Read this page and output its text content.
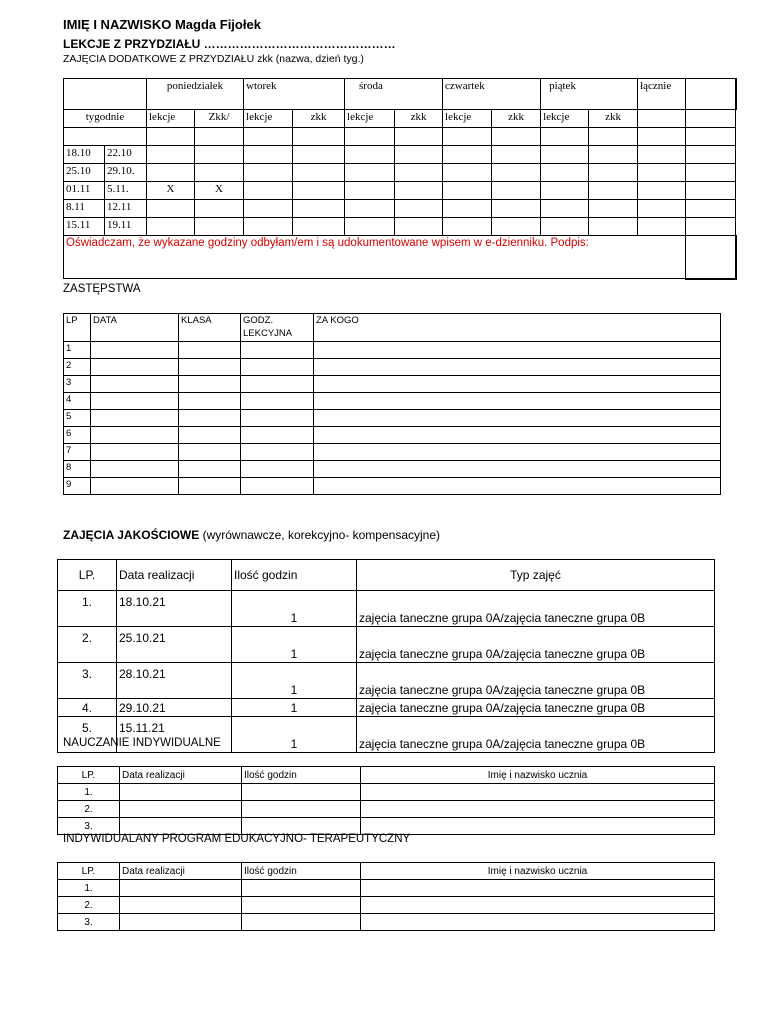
IMIĘ I NAZWISKO Magda Fijołek
LEKCJE Z PRZYDZIAŁU …………………………………………
ZAJĘCIA DODATKOWE Z PRZYDZIAŁU zkk (nazwa, dzień tyg.)
		poniedziałek		wtorek		środa		czwartek		piątek		łącznie	
tygodnie		lekcje	Zkk/	lekcje	zkk	lekcje	zkk	lekcje	zkk	lekcje	zkk		

18.10	22.10												
25.10	29.10.												
01.11	5.11.	X	X										
8.11	12.11												
15.11	19.11												
Oświadczam, że wykazane godziny odbyłam/em i są udokumentowane wpisem w e-dzienniku. Podpis:													
ZASTĘPSTWA
LP	DATA	KLASA	GODZ. LEKCYJNA	ZA KOGO
1				
2				
3				
4				
5				
6				
7				
8				
9				
ZAJĘCIA JAKOŚCIOWE (wyrównawcze, korekcyjno- kompensacyjne)
LP.	Data realizacji	Ilość godzin	Typ zajęć
1.	18.10.21	1	zajęcia taneczne grupa 0A/zajęcia taneczne grupa 0B
2.	25.10.21	1	zajęcia taneczne grupa 0A/zajęcia taneczne grupa 0B
3.	28.10.21	1	zajęcia taneczne grupa 0A/zajęcia taneczne grupa 0B
4.	29.10.21	1	zajęcia taneczne grupa 0A/zajęcia taneczne grupa 0B
5.	15.11.21	1	zajęcia taneczne grupa 0A/zajęcia taneczne grupa 0B
NAUCZANIE INDYWIDUALNE
LP.	Data realizacji	Ilość godzin	Imię i nazwisko ucznia
1.			
2.			
3.			
INDYWIDUALANY PROGRAM EDUKACYJNO- TERAPEUTYCZNY
LP.	Data realizacji	Ilość godzin	Imię i nazwisko ucznia
1.			
2.			
3.			
